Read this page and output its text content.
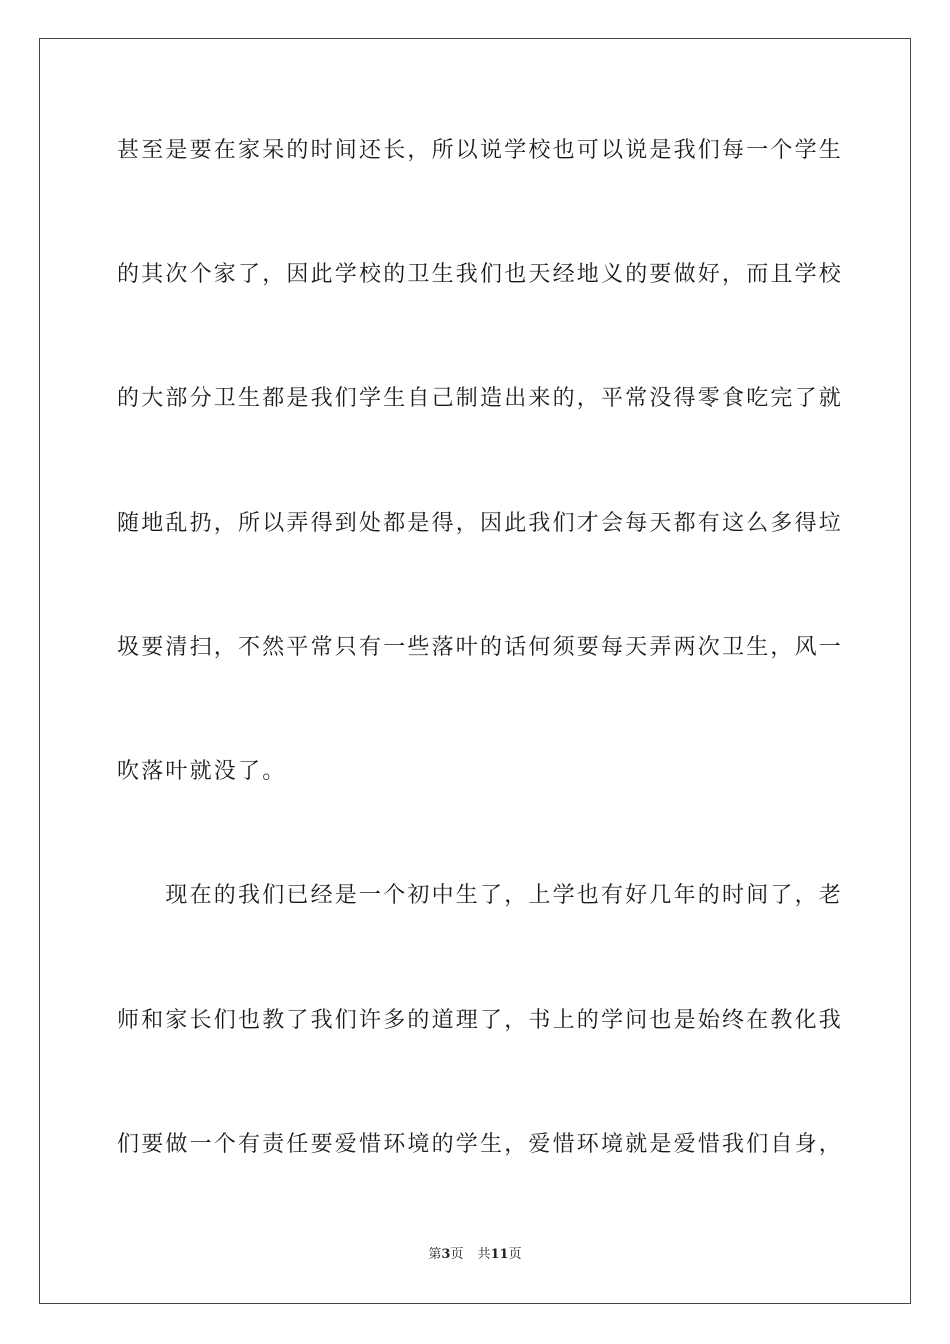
甚至是要在家呆的时间还长，所以说学校也可以说是我们每一个学生
的其次个家了，因此学校的卫生我们也天经地义的要做好，而且学校
的大部分卫生都是我们学生自己制造出来的，平常没得零食吃完了就
随地乱扔，所以弄得到处都是得，因此我们才会每天都有这么多得垃
圾要清扫，不然平常只有一些落叶的话何须要每天弄两次卫生，风一
吹落叶就没了。
　　现在的我们已经是一个初中生了，上学也有好几年的时间了，老
师和家长们也教了我们许多的道理了，书上的学问也是始终在教化我
们要做一个有责任要爱惜环境的学生，爱惜环境就是爱惜我们自身，
第3页 共11页
